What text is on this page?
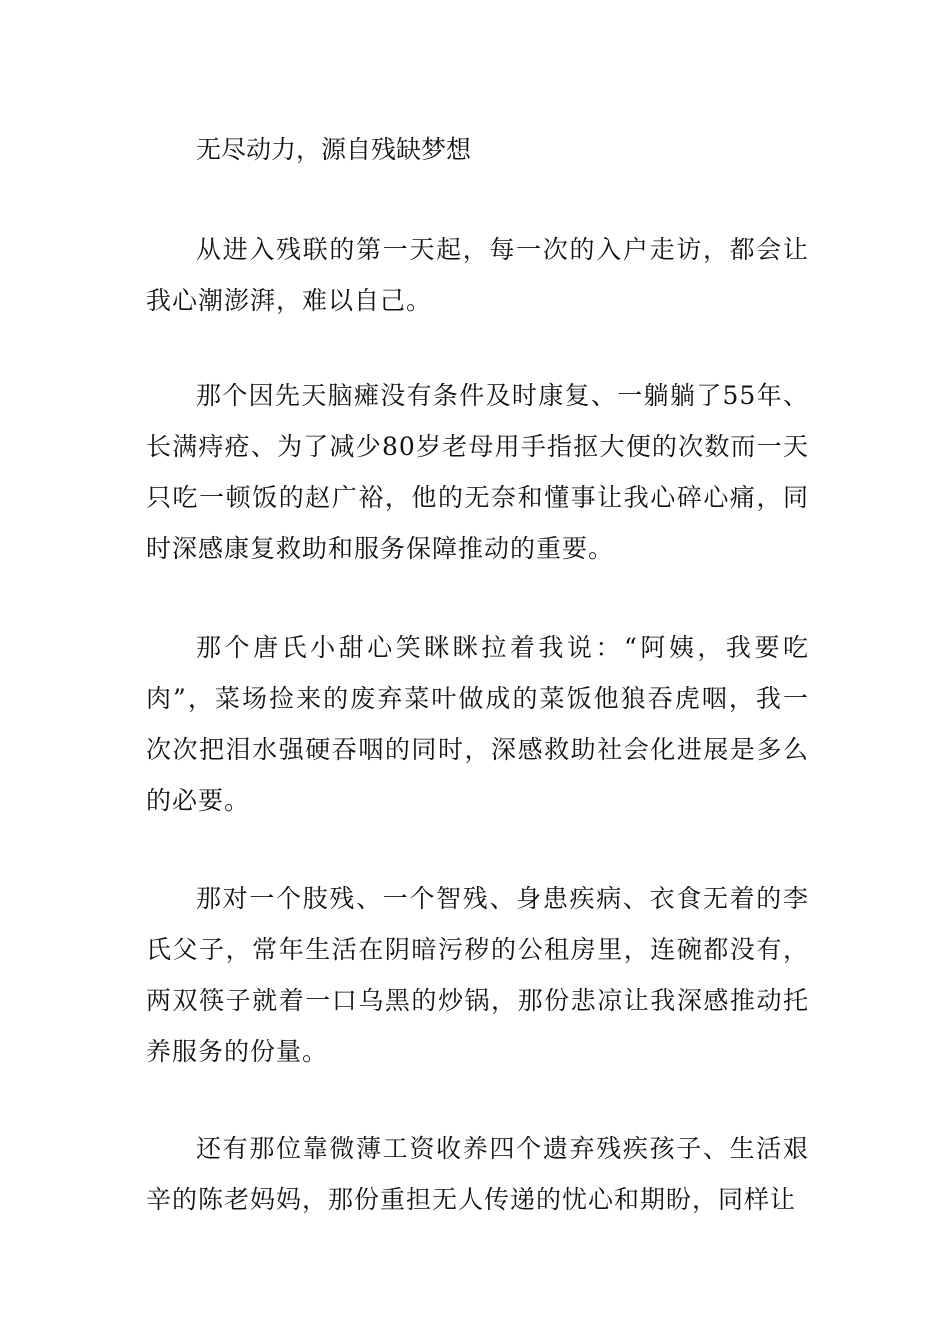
无尽动力，源自残缺梦想

从进入残联的第一天起，每一次的入户走访，都会让我心潮澎湃，难以自己。

那个因先天脑瘫没有条件及时康复、一躺躺了55年、长满痔疮、为了减少80岁老母用手指抠大便的次数而一天只吃一顿饭的赵广裕，他的无奈和懂事让我心碎心痛，同时深感康复救助和服务保障推动的重要。

那个唐氏小甜心笑眯眯拉着我说：“阿姨，我要吃肉”，菜场捡来的废弃菜叶做成的菜饭他狼吞虎咽，我一次次把泪水强硬吞咽的同时，深感救助社会化进展是多么的必要。

那对一个肢残、一个智残、身患疾病、衣食无着的李氏父子，常年生活在阴暗污秽的公租房里，连碗都没有，两双筷子就着一口乌黑的炒锅，那份悲凉让我深感推动托养服务的份量。

还有那位靠微薄工资收养四个遗弃残疾孩子、生活艰辛的陈老妈妈，那份重担无人传递的忧心和期盼，同样让
